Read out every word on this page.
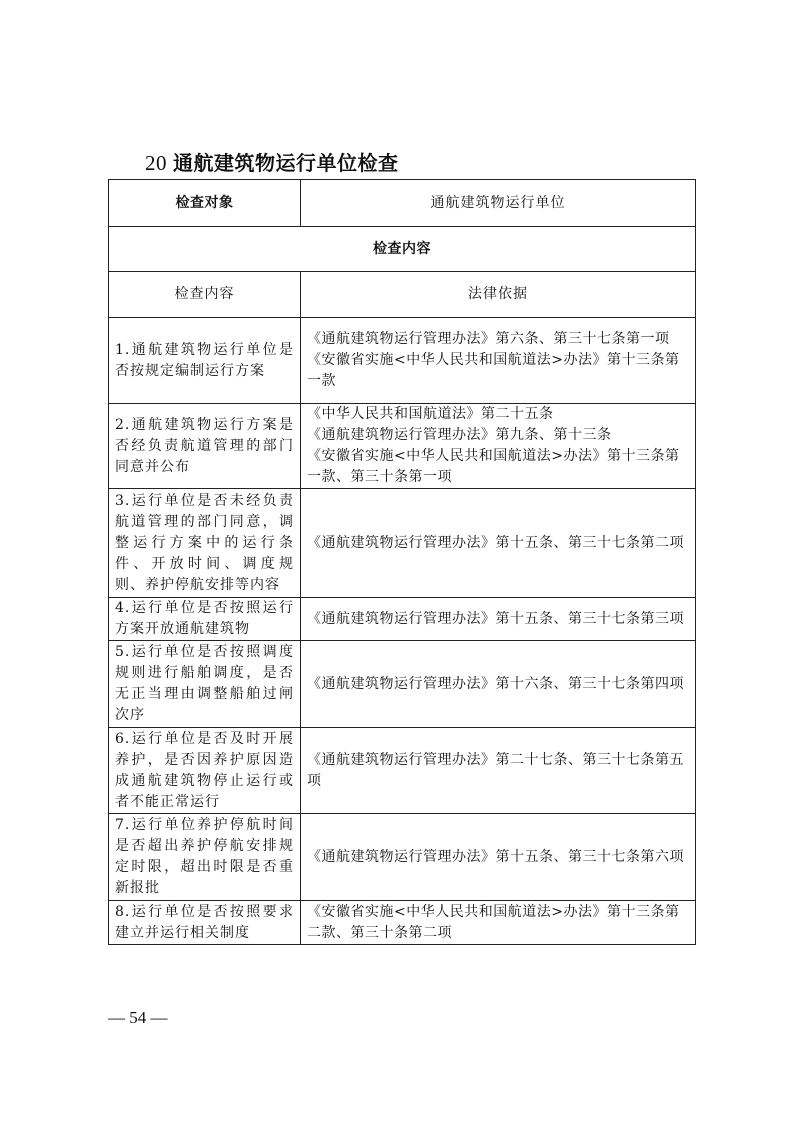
20 通航建筑物运行单位检查
检查对象	通航建筑物运行单位
检查内容	
检查内容	法律依据
1.通航建筑物运行单位是否按规定编制运行方案	《通航建筑物运行管理办法》第六条、第三十七条第一项
《安徽省实施<中华人民共和国航道法>办法》第十三条第一款

2.通航建筑物运行方案是否经负责航道管理的部门同意并公布	《中华人民共和国航道法》第二十五条
《通航建筑物运行管理办法》第九条、第十三条
《安徽省实施<中华人民共和国航道法>办法》第十三条第一款、第三十条第一项

3.运行单位是否未经负责航道管理的部门同意，调整运行方案中的运行条件、开放时间、调度规则、养护停航安排等内容	《通航建筑物运行管理办法》第十五条、第三十七条第二项

4.运行单位是否按照运行方案开放通航建筑物	《通航建筑物运行管理办法》第十五条、第三十七条第三项

5.运行单位是否按照调度规则进行船舶调度，是否无正当理由调整船舶过闸次序	《通航建筑物运行管理办法》第十六条、第三十七条第四项

6.运行单位是否及时开展养护，是否因养护原因造成通航建筑物停止运行或者不能正常运行	《通航建筑物运行管理办法》第二十七条、第三十七条第五项

7.运行单位养护停航时间是否超出养护停航安排规定时限，超出时限是否重新报批	《通航建筑物运行管理办法》第十五条、第三十七条第六项

8.运行单位是否按照要求建立并运行相关制度	《安徽省实施<中华人民共和国航道法>办法》第十三条第二款、第三十条第二项
— 54 —
